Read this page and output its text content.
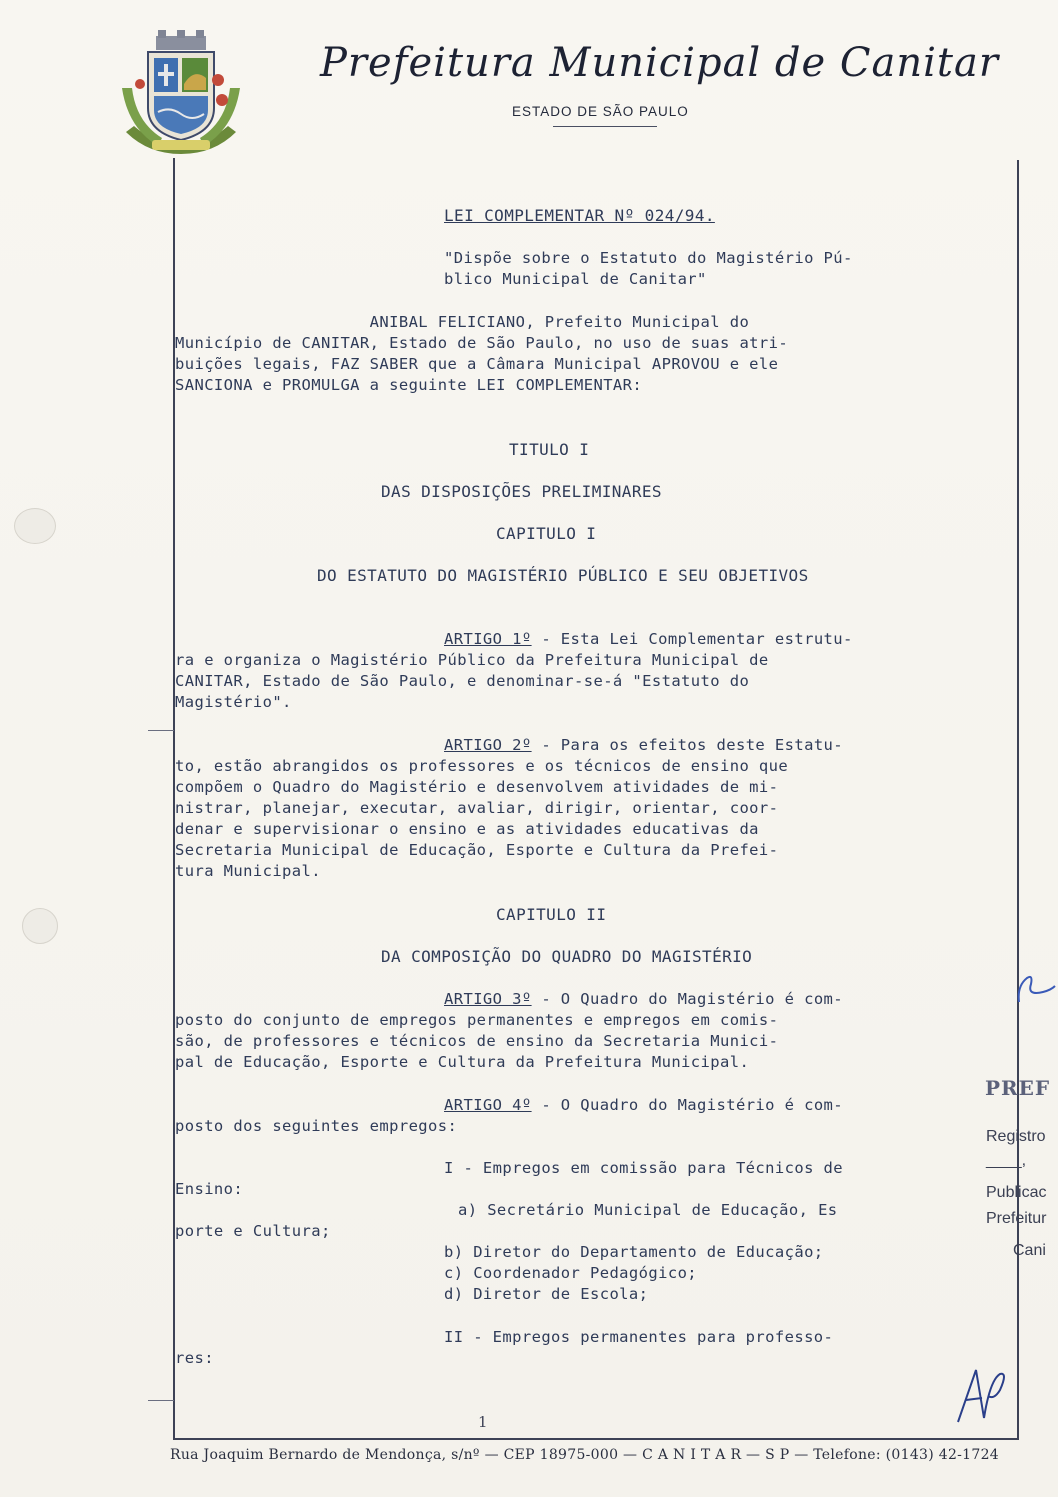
Prefeitura Municipal de Canitar
ESTADO DE SÃO PAULO
LEI COMPLEMENTAR Nº 024/94.
"Dispõe sobre o Estatuto do Magistério Pú-
blico Municipal de Canitar"
ANIBAL FELICIANO, Prefeito Municipal do
Município de CANITAR, Estado de São Paulo, no uso de suas atri-
buições legais, FAZ SABER que a Câmara Municipal APROVOU e ele
SANCIONA e PROMULGA a seguinte LEI COMPLEMENTAR:
TITULO I
DAS DISPOSIÇÕES PRELIMINARES
CAPITULO I
DO ESTATUTO DO MAGISTÉRIO PÚBLICO E SEU OBJETIVOS
ARTIGO 1º - Esta Lei Complementar estrutu-
ra e organiza o Magistério Público da Prefeitura Municipal de
CANITAR, Estado de São Paulo, e denominar-se-á "Estatuto do
Magistério".
ARTIGO 2º - Para os efeitos deste Estatu-
to, estão abrangidos os professores e os técnicos de ensino que
compõem o Quadro do Magistério e desenvolvem atividades de mi-
nistrar, planejar, executar, avaliar, dirigir, orientar, coor-
denar e supervisionar o ensino e as atividades educativas da
Secretaria Municipal de Educação, Esporte e Cultura da Prefei-
tura Municipal.
CAPITULO II
DA COMPOSIÇÃO DO QUADRO DO MAGISTÉRIO
ARTIGO 3º - O Quadro do Magistério é com-
posto do conjunto de empregos permanentes e empregos em comis-
são, de professores e técnicos de ensino da Secretaria Munici-
pal de Educação, Esporte e Cultura da Prefeitura Municipal.
ARTIGO 4º - O Quadro do Magistério é com-
posto dos seguintes empregos:
I - Empregos em comissão para Técnicos de
Ensino:
a) Secretário Municipal de Educação, Es
porte e Cultura;
b) Diretor do Departamento de Educação;
c) Coordenador Pedagógico;
d) Diretor de Escola;
II - Empregos permanentes para professo-
res:
1
PREF
Registro
____,
Publicac
Prefeitur
Cani
Rua Joaquim Bernardo de Mendonça, s/nº — CEP 18975-000 — C A N I T A R — S P — Telefone: (0143) 42-1724
